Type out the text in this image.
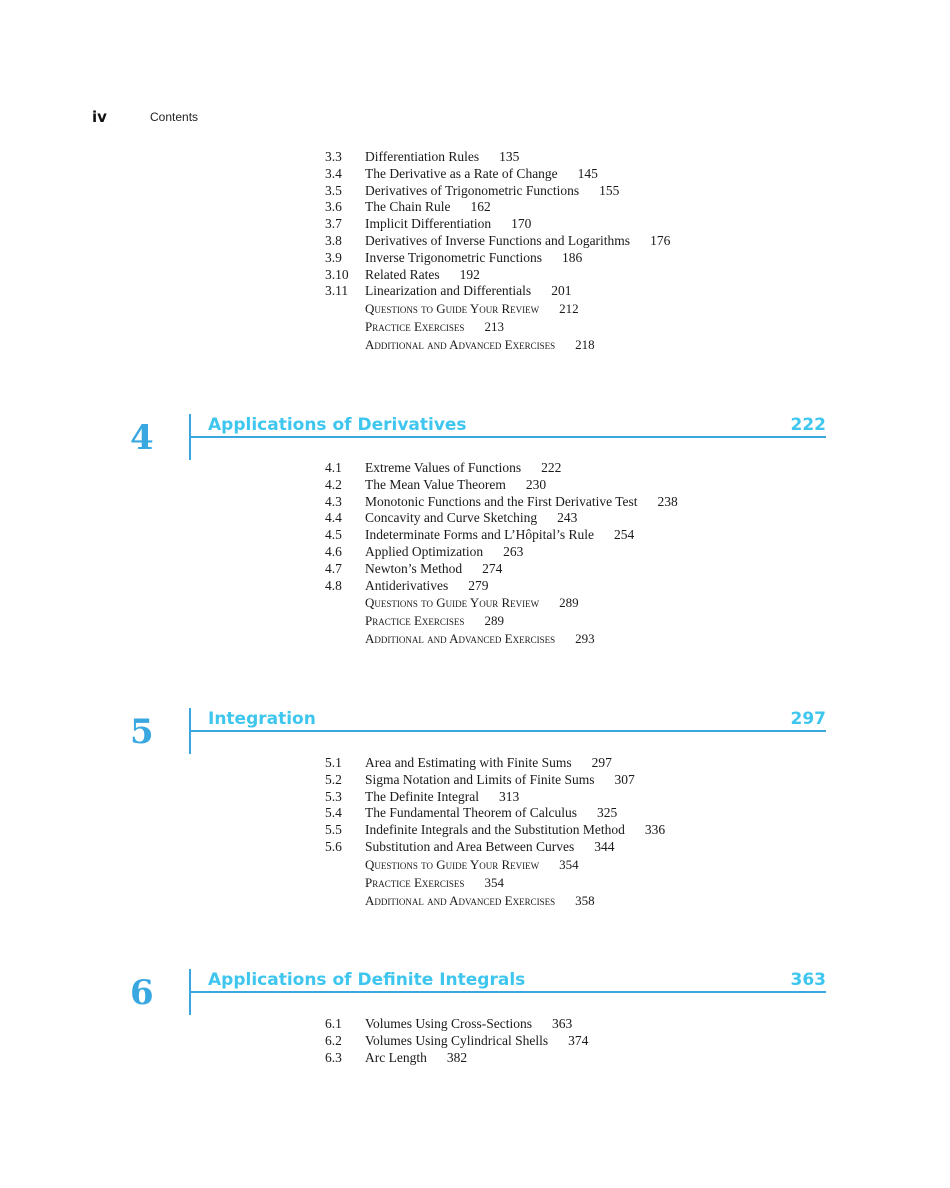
iv	Contents
3.3 Differentiation Rules 135
3.4 The Derivative as a Rate of Change 145
3.5 Derivatives of Trigonometric Functions 155
3.6 The Chain Rule 162
3.7 Implicit Differentiation 170
3.8 Derivatives of Inverse Functions and Logarithms 176
3.9 Inverse Trigonometric Functions 186
3.10 Related Rates 192
3.11 Linearization and Differentials 201
Questions to Guide Your Review 212
Practice Exercises 213
Additional and Advanced Exercises 218
4	Applications of Derivatives	222
4.1 Extreme Values of Functions 222
4.2 The Mean Value Theorem 230
4.3 Monotonic Functions and the First Derivative Test 238
4.4 Concavity and Curve Sketching 243
4.5 Indeterminate Forms and L’Hôpital’s Rule 254
4.6 Applied Optimization 263
4.7 Newton’s Method 274
4.8 Antiderivatives 279
Questions to Guide Your Review 289
Practice Exercises 289
Additional and Advanced Exercises 293
5	Integration	297
5.1 Area and Estimating with Finite Sums 297
5.2 Sigma Notation and Limits of Finite Sums 307
5.3 The Definite Integral 313
5.4 The Fundamental Theorem of Calculus 325
5.5 Indefinite Integrals and the Substitution Method 336
5.6 Substitution and Area Between Curves 344
Questions to Guide Your Review 354
Practice Exercises 354
Additional and Advanced Exercises 358
6	Applications of Definite Integrals	363
6.1 Volumes Using Cross-Sections 363
6.2 Volumes Using Cylindrical Shells 374
6.3 Arc Length 382
